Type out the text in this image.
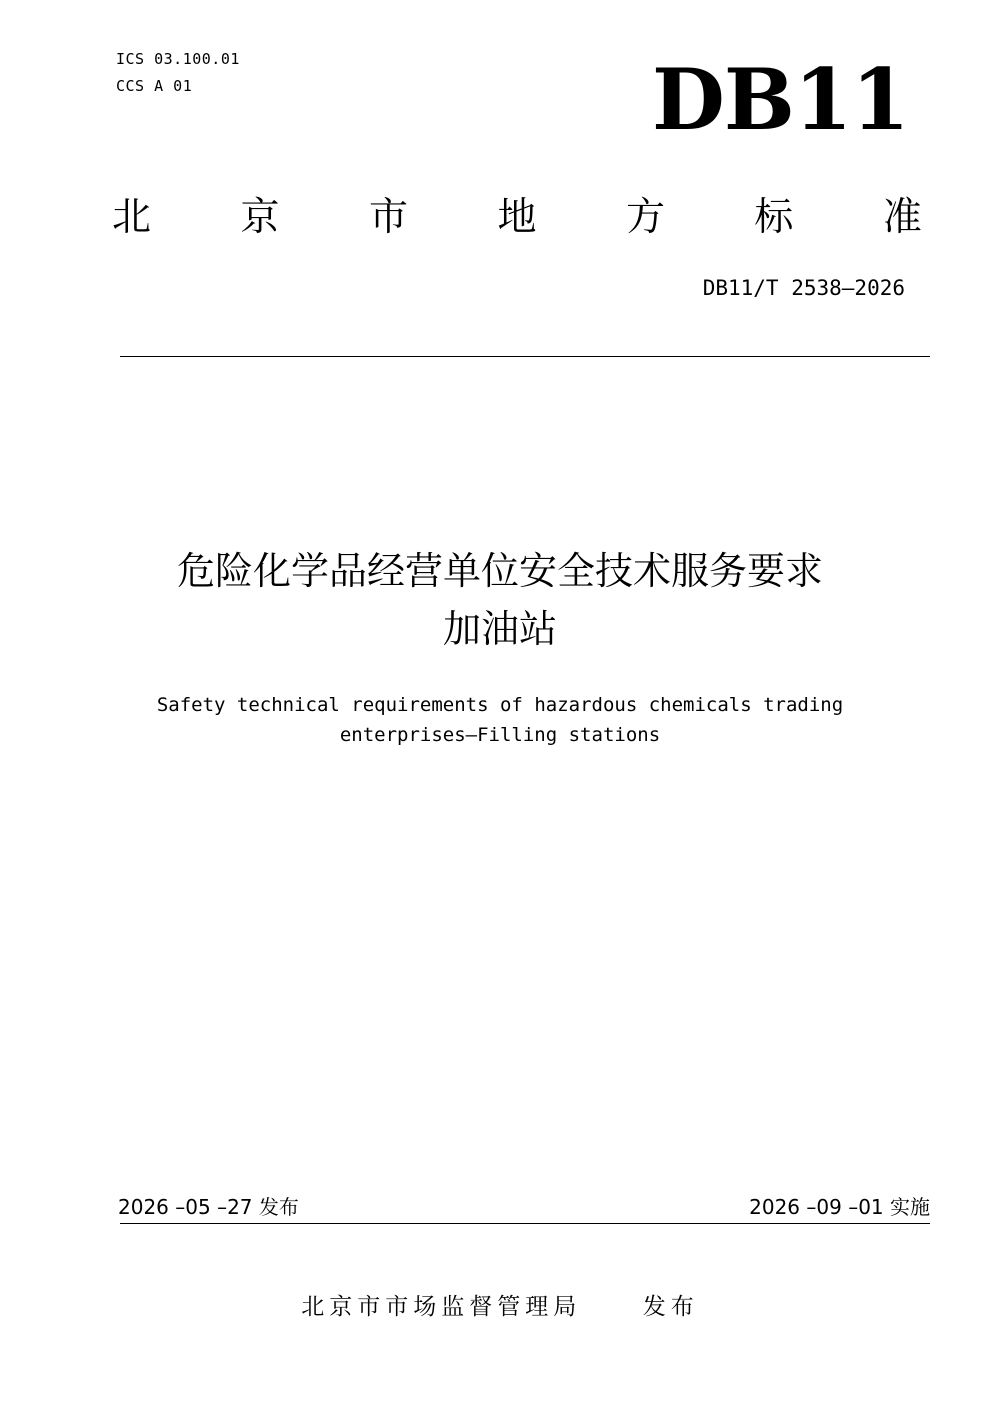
ICS 03.100.01
CCS A 01	DB11
北 京 市 地 方 标 准
DB11/T 2538—2026
危险化学品经营单位安全技术服务要求
加油站
Safety technical requirements of hazardous chemicals trading
enterprises—Filling stations
2026 –05 –27 发布	2026 –09 –01 实施
北京市市场监督管理局	发布
